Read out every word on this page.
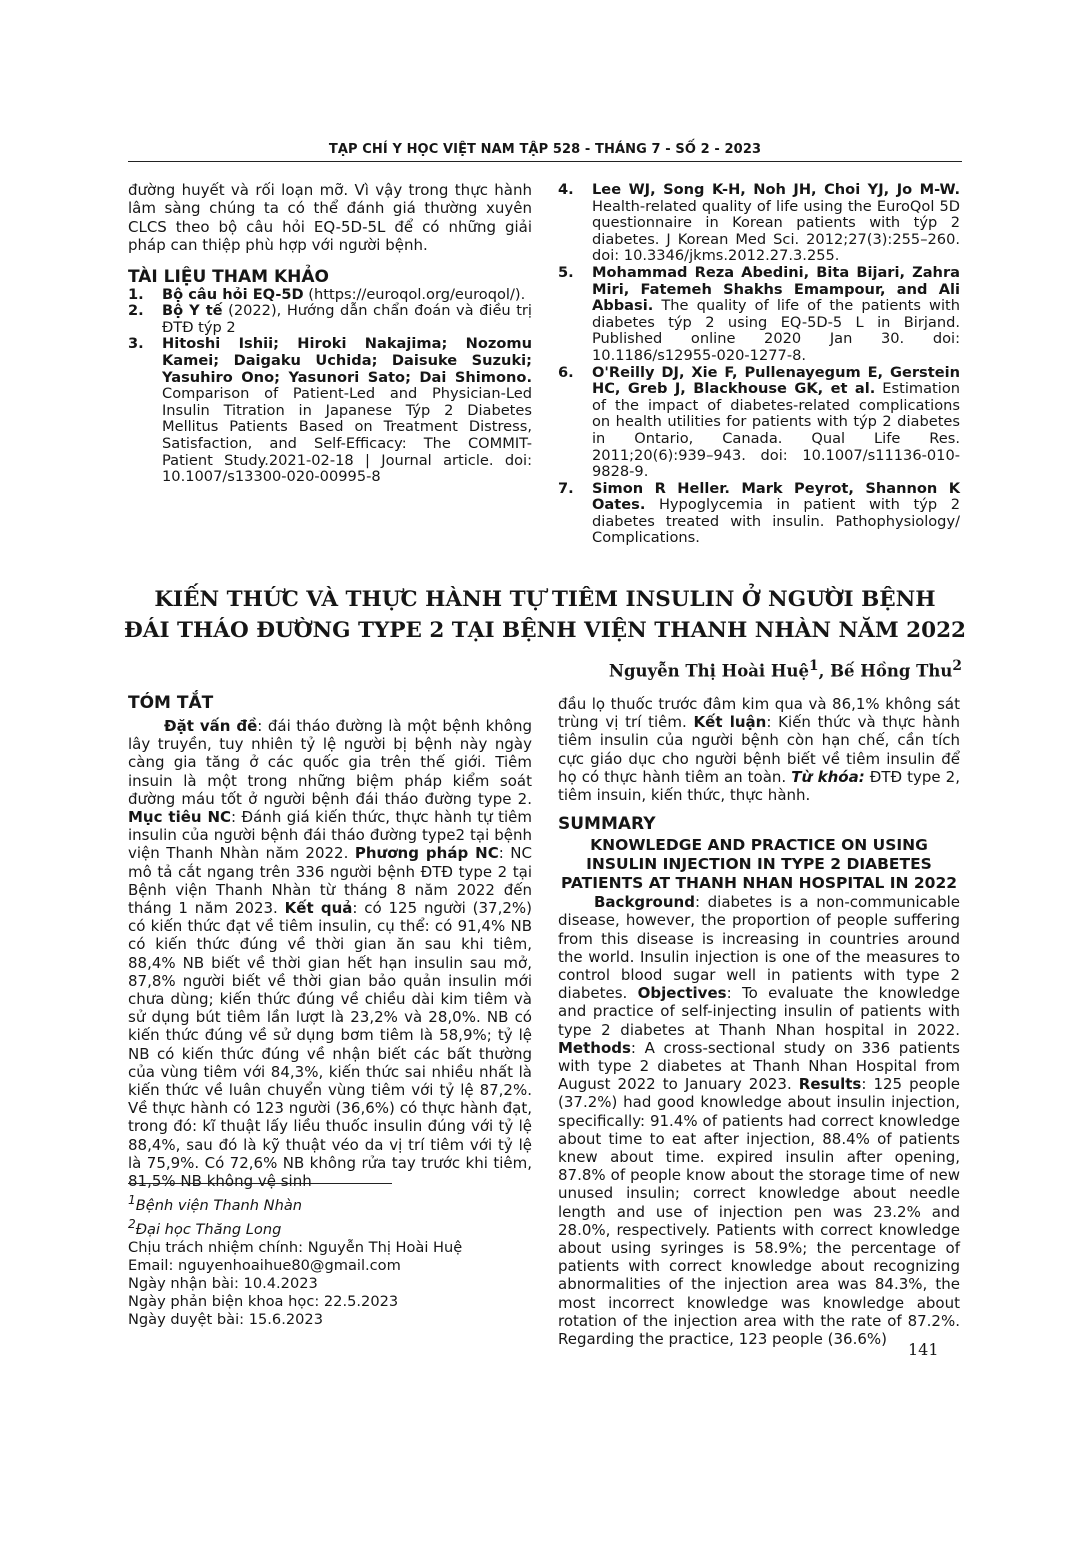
TẠP CHÍ Y HỌC VIỆT NAM TẬP 528 - THÁNG 7 - SỐ 2 - 2023

đường huyết và rối loạn mỡ. Vì vậy trong thực hành lâm sàng chúng ta có thể đánh giá thường xuyên CLCS theo bộ câu hỏi EQ-5D-5L để có những giải pháp can thiệp phù hợp với người bệnh.

TÀI LIỆU THAM KHẢO
1. Bộ câu hỏi EQ-5D (https://euroqol.org/euroqol/).
2. Bộ Y tế (2022), Hướng dẫn chẩn đoán và điều trị ĐTĐ týp 2
3. Hitoshi Ishii; Hiroki Nakajima; Nozomu Kamei; Daigaku Uchida; Daisuke Suzuki; Yasuhiro Ono; Yasunori Sato; Dai Shimono. Comparison of Patient-Led and Physician-Led Insulin Titration in Japanese Týp 2 Diabetes Mellitus Patients Based on Treatment Distress, Satisfaction, and Self-Efficacy: The COMMIT-Patient Study.2021-02-18 | Journal article. doi: 10.1007/s13300-020-00995-8
4. Lee WJ, Song K-H, Noh JH, Choi YJ, Jo M-W. Health-related quality of life using the EuroQol 5D questionnaire in Korean patients with týp 2 diabetes. J Korean Med Sci. 2012;27(3):255–260. doi: 10.3346/jkms.2012.27.3.255.
5. Mohammad Reza Abedini, Bita Bijari, Zahra Miri, Fatemeh Shakhs Emampour, and Ali Abbasi. The quality of life of the patients with diabetes týp 2 using EQ-5D-5 L in Birjand. Published online 2020 Jan 30. doi: 10.1186/s12955-020-1277-8.
6. O'Reilly DJ, Xie F, Pullenayegum E, Gerstein HC, Greb J, Blackhouse GK, et al. Estimation of the impact of diabetes-related complications on health utilities for patients with týp 2 diabetes in Ontario, Canada. Qual Life Res. 2011;20(6):939–943. doi: 10.1007/s11136-010-9828-9.
7. Simon R Heller. Mark Peyrot, Shannon K Oates. Hypoglycemia in patient with týp 2 diabetes treated with insulin. Pathophysiology/ Complications.
KIẾN THỨC VÀ THỰC HÀNH TỰ TIÊM INSULIN Ở NGƯỜI BỆNH
ĐÁI THÁO ĐƯỜNG TYPE 2 TẠI BỆNH VIỆN THANH NHÀN NĂM 2022
Nguyễn Thị Hoài Huệ$^1$, Bế Hồng Thu$^2$
TÓM TẮT

Đặt vấn đề: đái tháo đường là một bệnh không lây truyền, tuy nhiên tỷ lệ người bị bệnh này ngày càng gia tăng ở các quốc gia trên thế giới. Tiêm insuin là một trong những biệm pháp kiểm soát đường máu tốt ở người bệnh đái tháo đường type 2. Mục tiêu NC: Đánh giá kiến thức, thực hành tự tiêm insulin của người bệnh đái tháo đường type2 tại bệnh viện Thanh Nhàn năm 2022. Phương pháp NC: NC mô tả cắt ngang trên 336 người bệnh ĐTĐ type 2 tại Bệnh viện Thanh Nhàn từ tháng 8 năm 2022 đến tháng 1 năm 2023. Kết quả: có 125 người (37,2%) có kiến thức đạt về tiêm insulin, cụ thể: có 91,4% NB có kiến thức đúng về thời gian ăn sau khi tiêm, 88,4% NB biết về thời gian hết hạn insulin sau mở, 87,8% người biết về thời gian bảo quản insulin mới chưa dùng; kiến thức đúng về chiều dài kim tiêm và sử dụng bút tiêm lần lượt là 23,2% và 28,0%. NB có kiến thức đúng về sử dụng bơm tiêm là 58,9%; tỷ lệ NB có kiến thức đúng về nhận biết các bất thường của vùng tiêm với 84,3%, kiến thức sai nhiều nhất là kiến thức về luân chuyển vùng tiêm với tỷ lệ 87,2%. Về thực hành có 123 người (36,6%) có thực hành đạt, trong đó: kĩ thuật lấy liều thuốc insulin đúng với tỷ lệ 88,4%, sau đó là kỹ thuật véo da vị trí tiêm với tỷ lệ là 75,9%. Có 72,6% NB không rửa tay trước khi tiêm, 81,5% NB không vệ sinh

$^1$Bệnh viện Thanh Nhàn
$^2$Đại học Thăng Long
Chịu trách nhiệm chính: Nguyễn Thị Hoài Huệ
Email: nguyenhoaihue80@gmail.com
Ngày nhận bài: 10.4.2023
Ngày phản biện khoa học: 22.5.2023
Ngày duyệt bài: 15.6.2023

đầu lọ thuốc trước đâm kim qua và 86,1% không sát trùng vị trí tiêm. Kết luận: Kiến thức và thực hành tiêm insulin của người bệnh còn hạn chế, cần tích cực giáo dục cho người bệnh biết về tiêm insulin để họ có thực hành tiêm an toàn. Từ khóa: ĐTĐ type 2, tiêm insuin, kiến thức, thực hành.

SUMMARY
KNOWLEDGE AND PRACTICE ON USING
INSULIN INJECTION IN TYPE 2 DIABETES
PATIENTS AT THANH NHAN HOSPITAL IN 2022

Background: diabetes is a non-communicable disease, however, the proportion of people suffering from this disease is increasing in countries around the world. Insulin injection is one of the measures to control blood sugar well in patients with type 2 diabetes. Objectives: To evaluate the knowledge and practice of self-injecting insulin of patients with type 2 diabetes at Thanh Nhan hospital in 2022. Methods: A cross-sectional study on 336 patients with type 2 diabetes at Thanh Nhan Hospital from August 2022 to January 2023. Results: 125 people (37.2%) had good knowledge about insulin injection, specifically: 91.4% of patients had correct knowledge about time to eat after injection, 88.4% of patients knew about time. expired insulin after opening, 87.8% of people know about the storage time of new unused insulin; correct knowledge about needle length and use of injection pen was 23.2% and 28.0%, respectively. Patients with correct knowledge about using syringes is 58.9%; the percentage of patients with correct knowledge about recognizing abnormalities of the injection area was 84.3%, the most incorrect knowledge was knowledge about rotation of the injection area with the rate of 87.2%. Regarding the practice, 123 people (36.6%)

141
